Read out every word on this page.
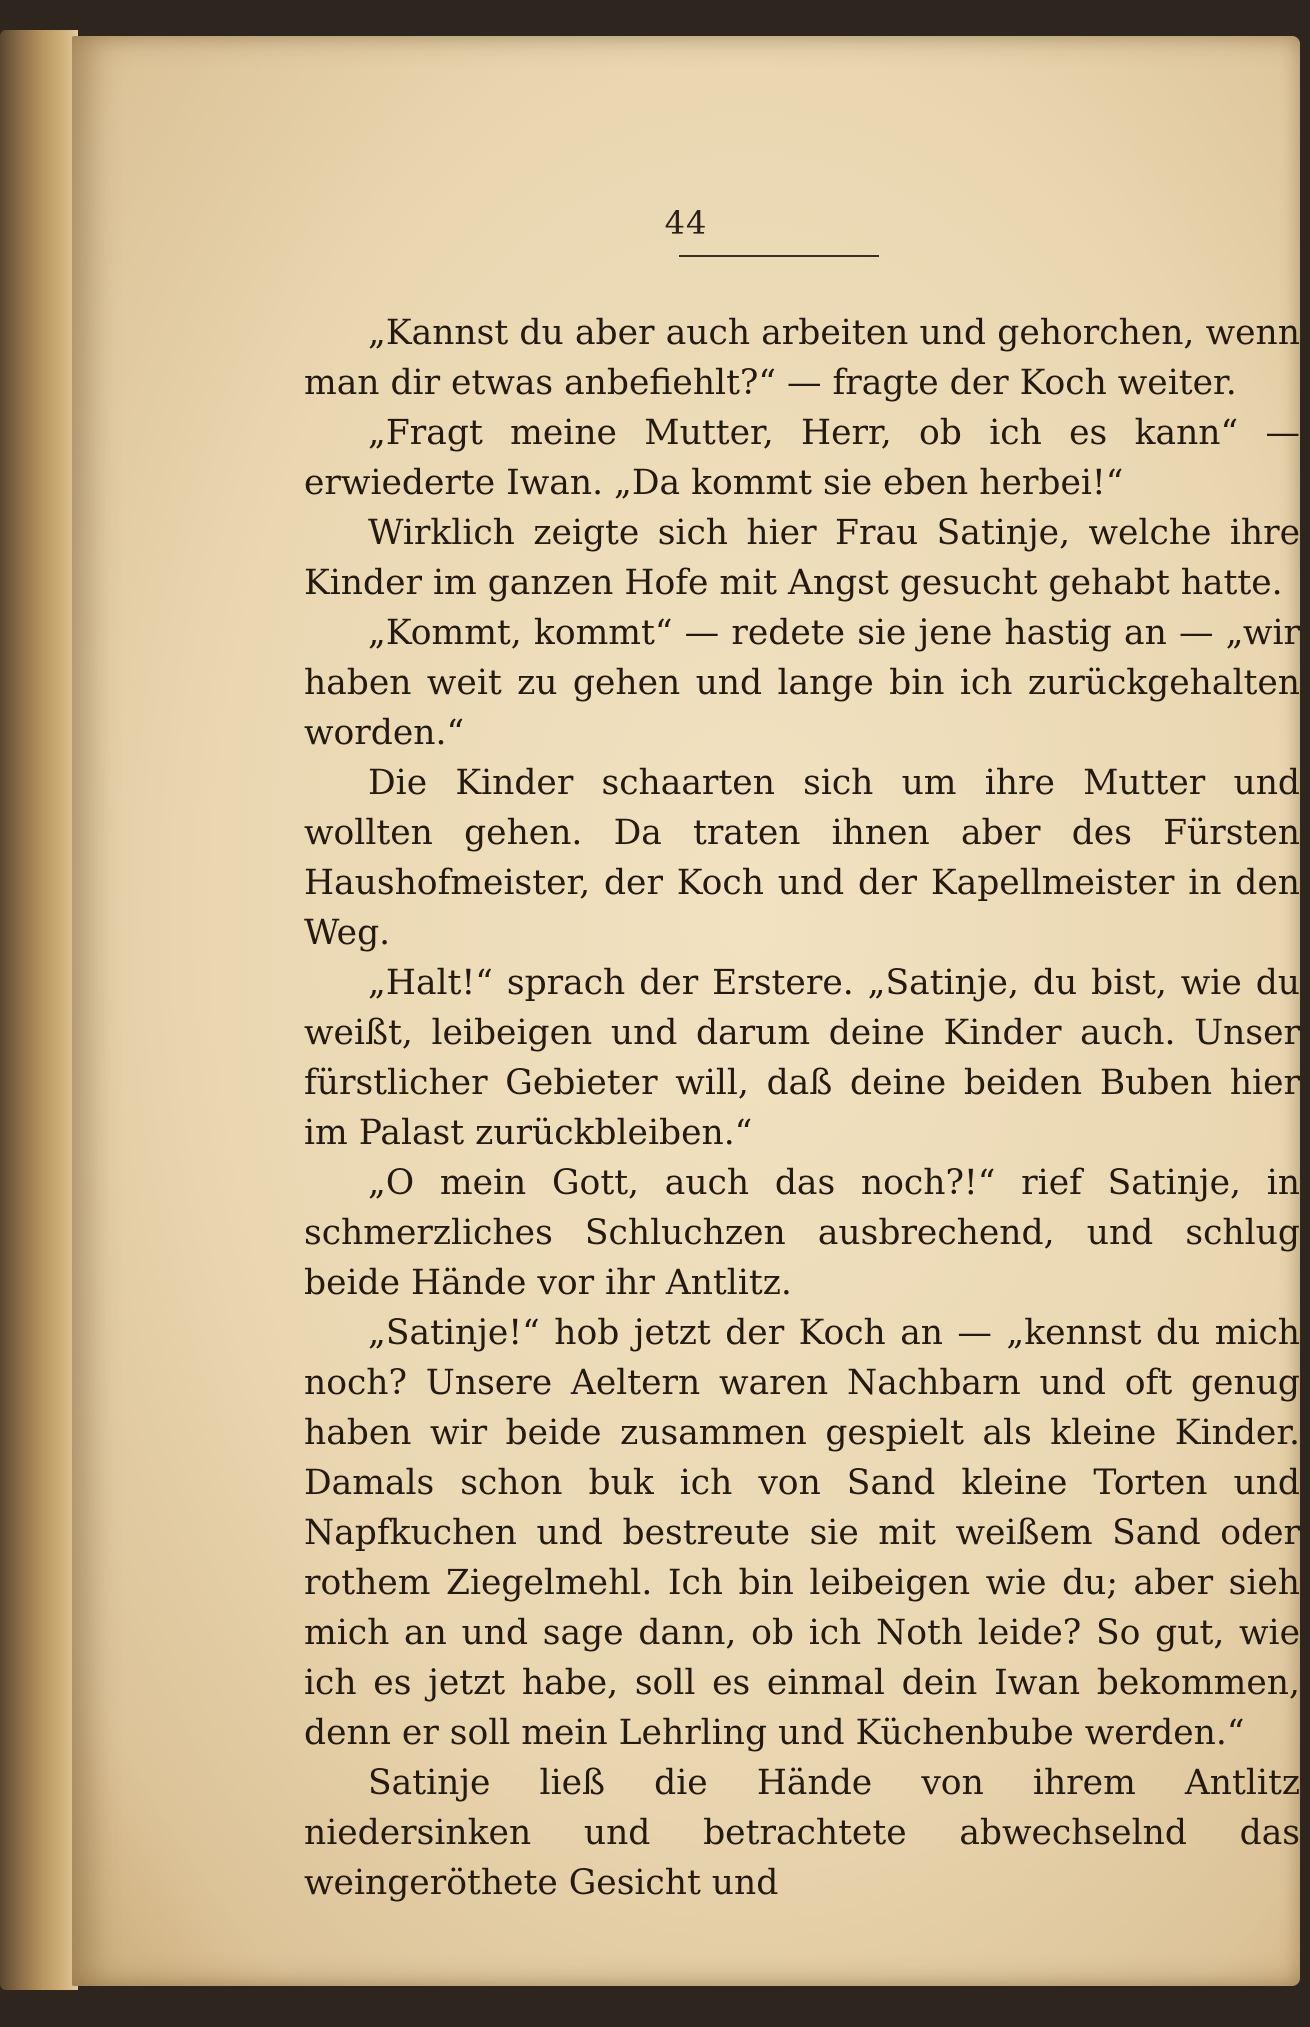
44

„Kannst du aber auch arbeiten und gehorchen, wenn man dir etwas anbefiehlt?“ — fragte der Koch weiter.

„Fragt meine Mutter, Herr, ob ich es kann“ — erwiederte Iwan. „Da kommt sie eben herbei!“

Wirklich zeigte sich hier Frau Satinje, welche ihre Kinder im ganzen Hofe mit Angst gesucht gehabt hatte.

„Kommt, kommt“ — redete sie jene hastig an — „wir haben weit zu gehen und lange bin ich zurückgehalten worden.“

Die Kinder schaarten sich um ihre Mutter und wollten gehen. Da traten ihnen aber des Fürsten Haushofmeister, der Koch und der Kapellmeister in den Weg.

„Halt!“ sprach der Erstere. „Satinje, du bist, wie du weißt, leibeigen und darum deine Kinder auch. Unser fürstlicher Gebieter will, daß deine beiden Buben hier im Palast zurückbleiben.“

„O mein Gott, auch das noch?!“ rief Satinje, in schmerzliches Schluchzen ausbrechend, und schlug beide Hände vor ihr Antlitz.

„Satinje!“ hob jetzt der Koch an — „kennst du mich noch? Unsere Aeltern waren Nachbarn und oft genug haben wir beide zusammen gespielt als kleine Kinder. Damals schon buk ich von Sand kleine Torten und Napfkuchen und bestreute sie mit weißem Sand oder rothem Ziegelmehl. Ich bin leibeigen wie du; aber sieh mich an und sage dann, ob ich Noth leide? So gut, wie ich es jetzt habe, soll es einmal dein Iwan bekommen, denn er soll mein Lehrling und Küchenbube werden.“

Satinje ließ die Hände von ihrem Antlitz niedersinken und betrachtete abwechselnd das weingeröthete Gesicht und
